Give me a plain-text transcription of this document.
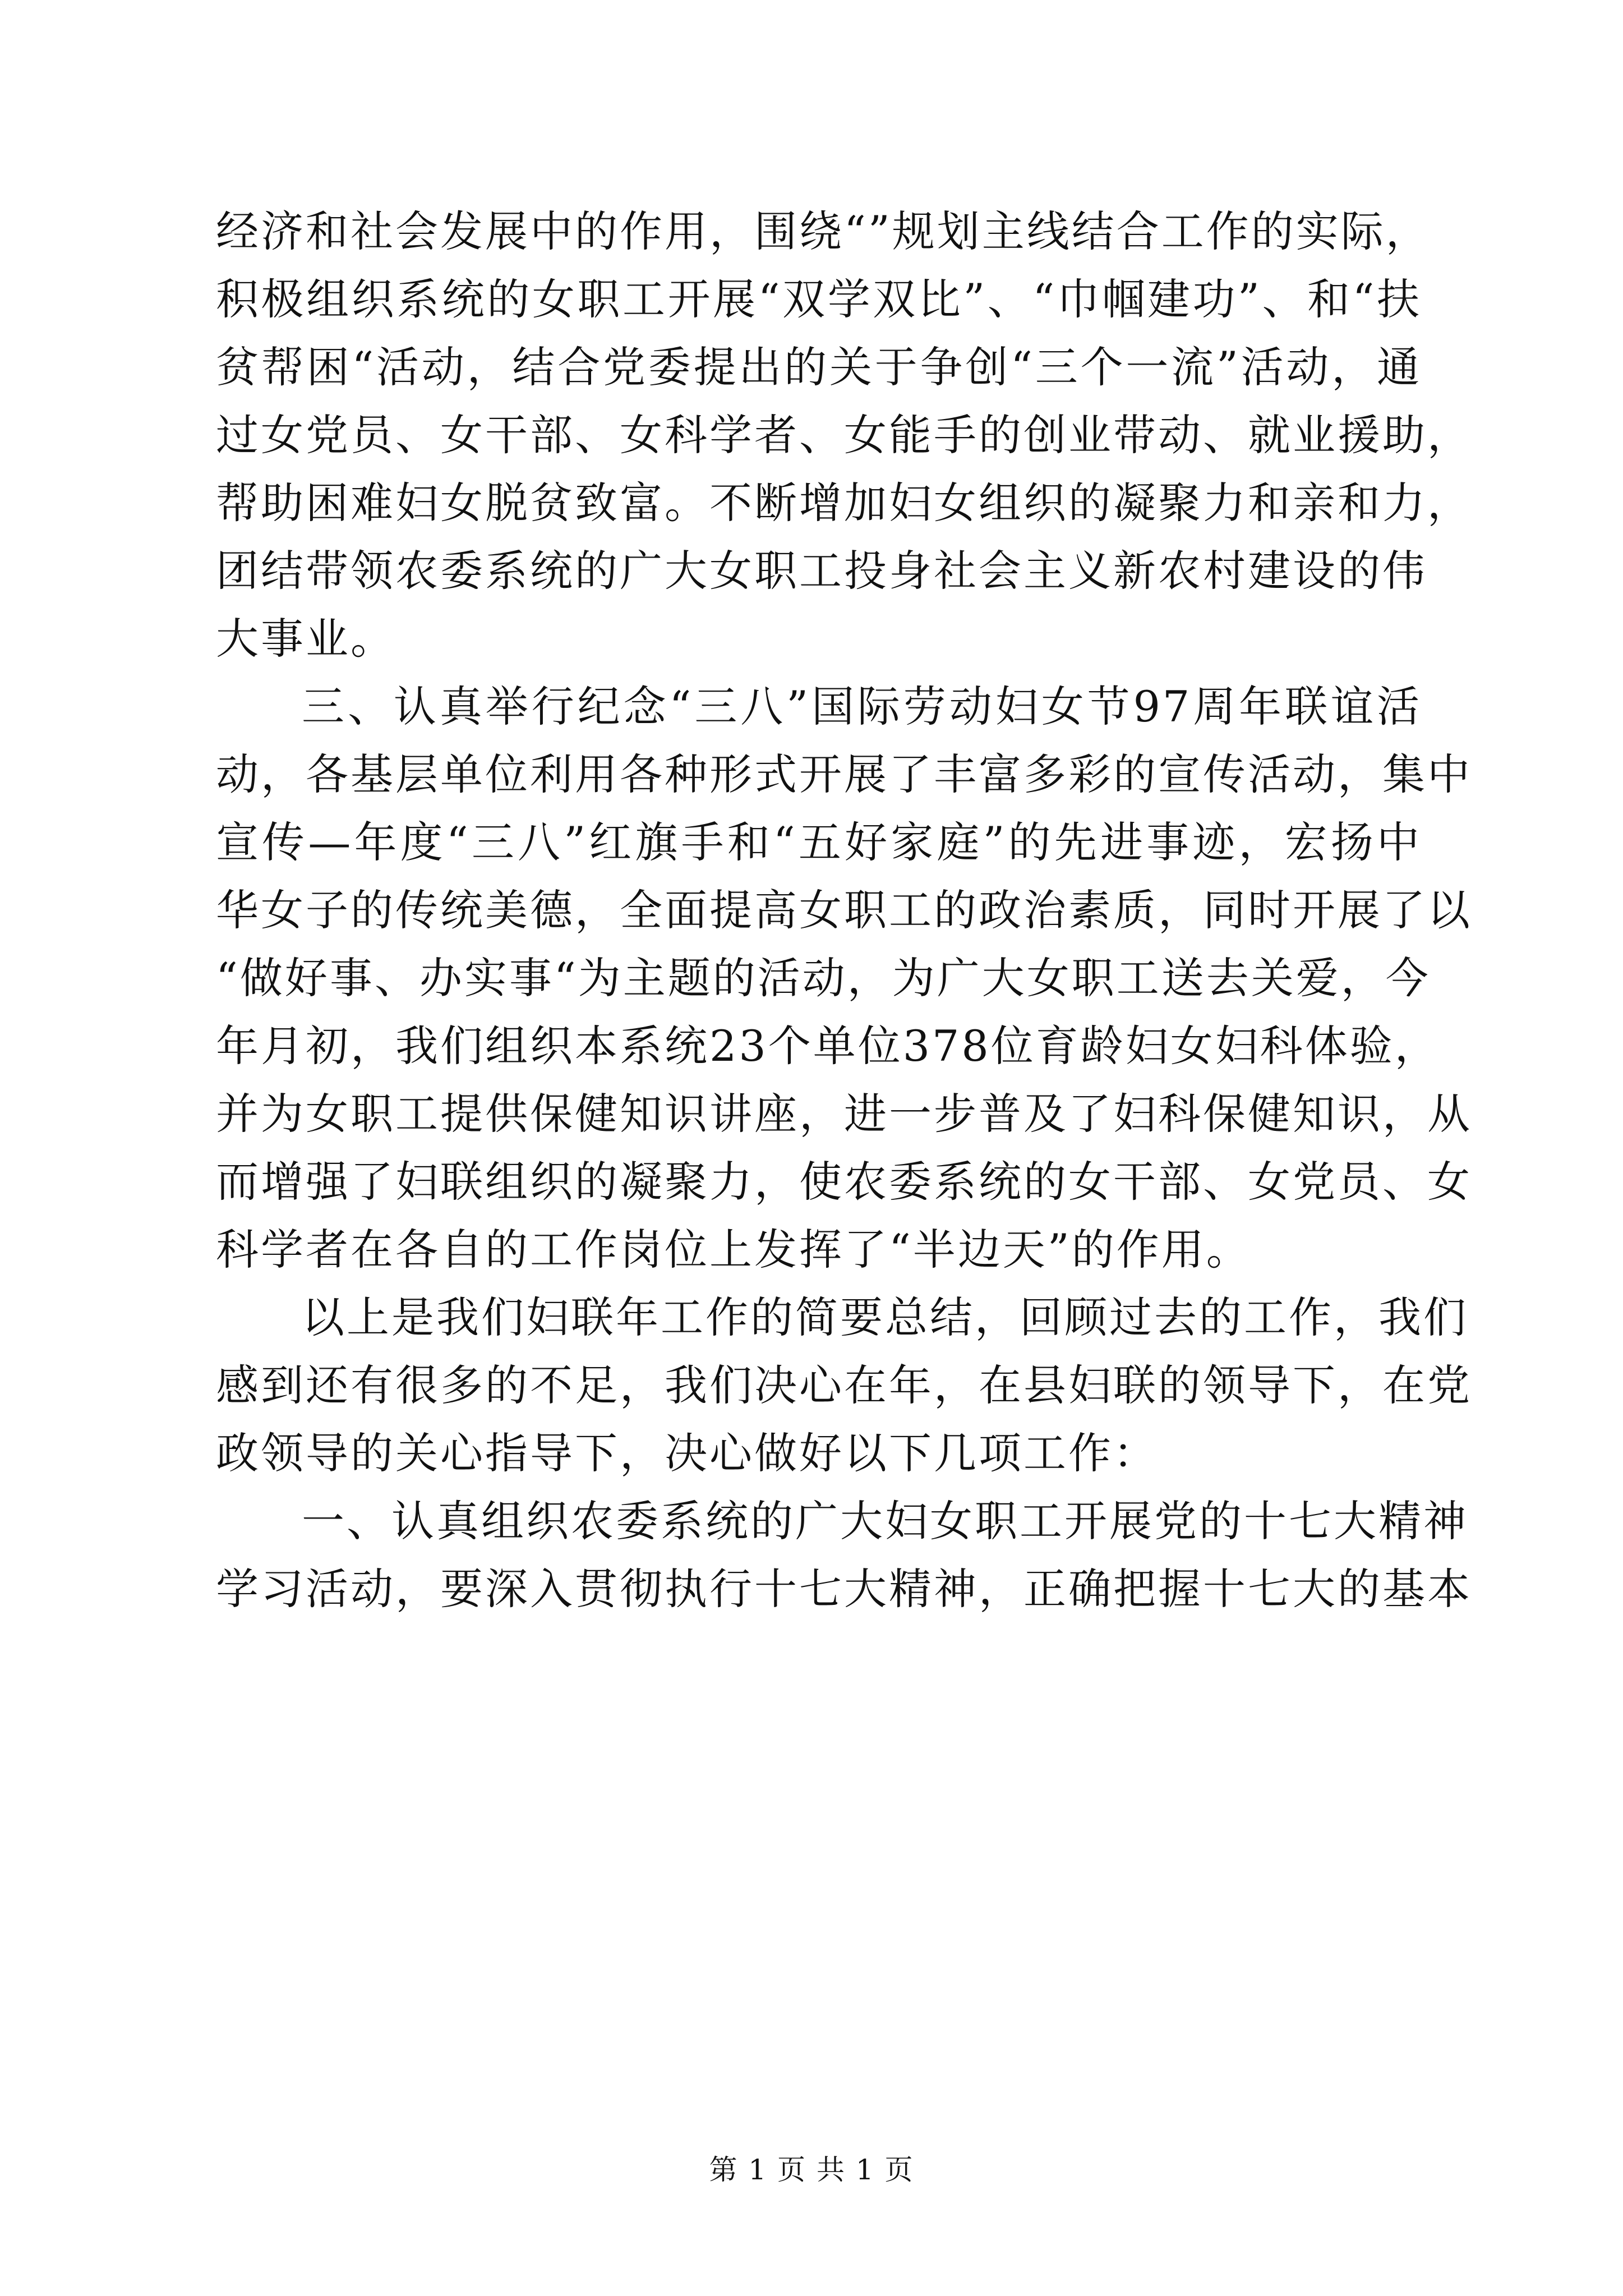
经济和社会发展中的作用，围绕“”规划主线结合工作的实际，
积极组织系统的女职工开展“双学双比”、“巾帼建功”、和“扶
贫帮困“活动，结合党委提出的关于争创“三个一流”活动，通
过女党员、女干部、女科学者、女能手的创业带动、就业援助，
帮助困难妇女脱贫致富。不断增加妇女组织的凝聚力和亲和力，
团结带领农委系统的广大女职工投身社会主义新农村建设的伟
大事业。
三、认真举行纪念“三八”国际劳动妇女节97周年联谊活
动，各基层单位利用各种形式开展了丰富多彩的宣传活动，集中
宣传—年度“三八”红旗手和“五好家庭”的先进事迹，宏扬中
华女子的传统美德，全面提高女职工的政治素质，同时开展了以
“做好事、办实事“为主题的活动，为广大女职工送去关爱，今
年月初，我们组织本系统23个单位378位育龄妇女妇科体验，
并为女职工提供保健知识讲座，进一步普及了妇科保健知识，从
而增强了妇联组织的凝聚力，使农委系统的女干部、女党员、女
科学者在各自的工作岗位上发挥了“半边天”的作用。
以上是我们妇联年工作的简要总结，回顾过去的工作，我们
感到还有很多的不足，我们决心在年，在县妇联的领导下，在党
政领导的关心指导下，决心做好以下几项工作：
一、认真组织农委系统的广大妇女职工开展党的十七大精神
学习活动，要深入贯彻执行十七大精神，正确把握十七大的基本
第 1 页 共 1 页
